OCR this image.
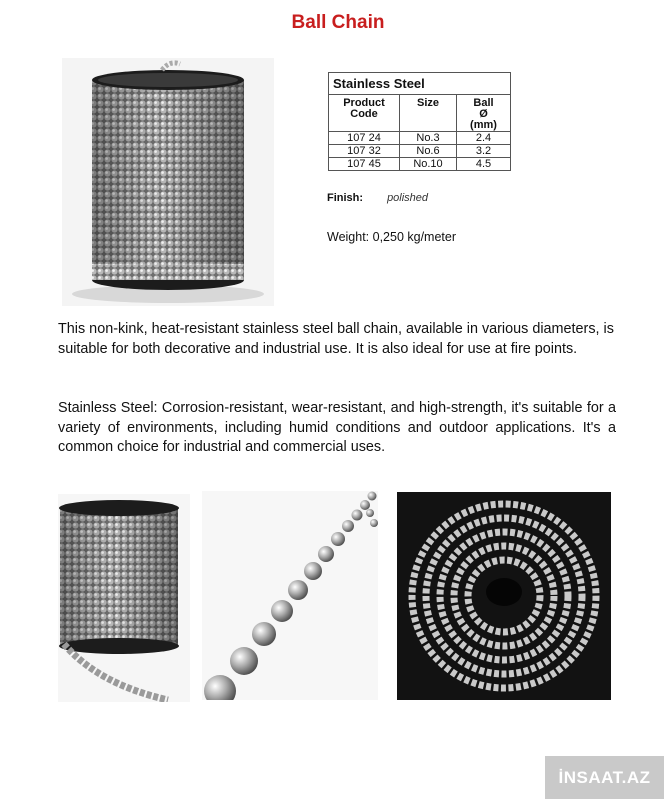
Ball Chain
Stainless Steel		
Product
Code	Size	Ball
Ø
(mm)
107 24	No.3	2.4
107 32	No.6	3.2
107 45	No.10	4.5
Finish: polished
Weight: 0,250 kg/meter

This non-kink, heat-resistant stainless steel ball chain, available in various diameters, is suitable for both decorative and industrial use. It is also ideal for use at fire points.

Stainless Steel: Corrosion-resistant, wear-resistant, and high-strength, it's suitable for a variety of environments, including humid conditions and outdoor applications. It's a common choice for industrial and commercial uses.

İNSAAT.AZ
